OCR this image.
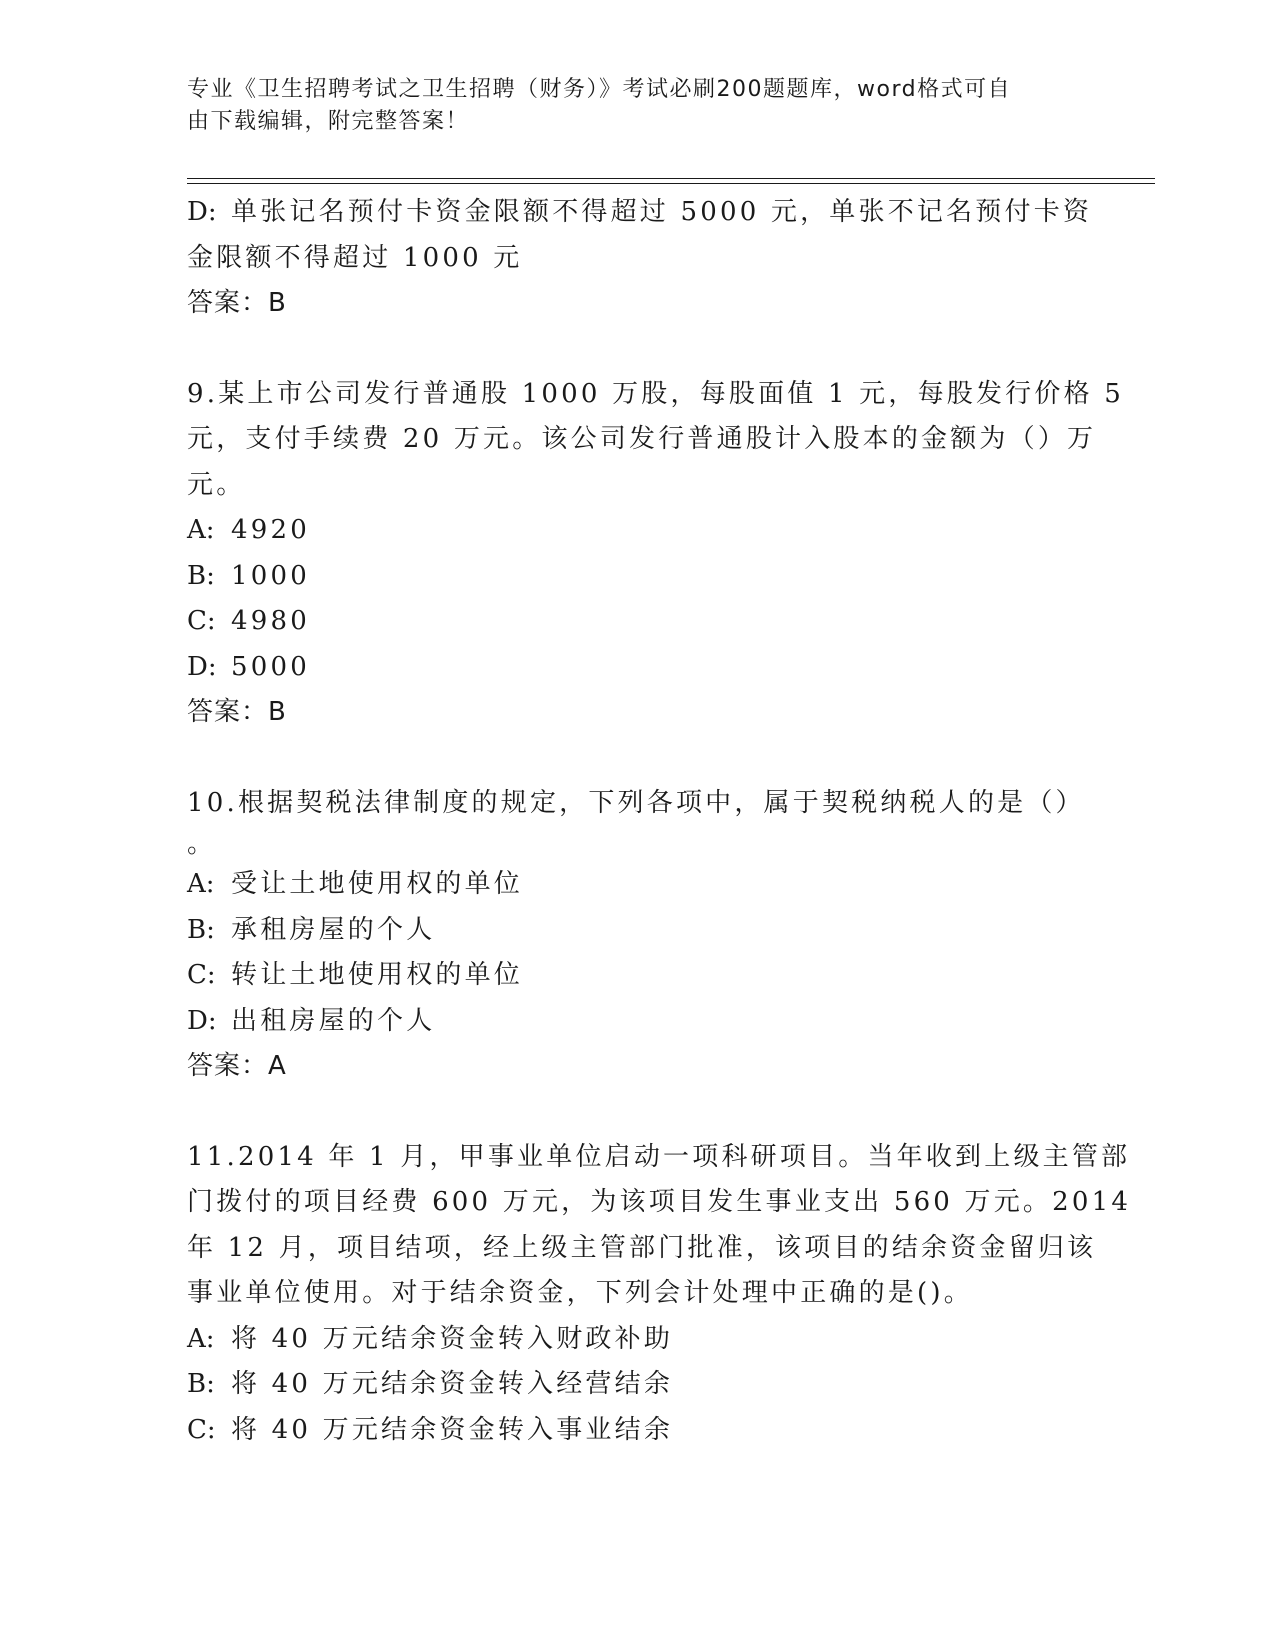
专业《卫生招聘考试之卫生招聘（财务）》考试必刷200题题库，word格式可自
由下载编辑，附完整答案！
D: 单张记名预付卡资金限额不得超过 5000 元，单张不记名预付卡资
金限额不得超过 1000 元
答案：B
9.某上市公司发行普通股 1000 万股，每股面值 1 元，每股发行价格 5
元，支付手续费 20 万元。该公司发行普通股计入股本的金额为（）万
元。
A: 4920
B: 1000
C: 4980
D: 5000
答案：B
10.根据契税法律制度的规定，下列各项中，属于契税纳税人的是（）
。
A: 受让土地使用权的单位
B: 承租房屋的个人
C: 转让土地使用权的单位
D: 出租房屋的个人
答案：A
11.2014 年 1 月，甲事业单位启动一项科研项目。当年收到上级主管部
门拨付的项目经费 600 万元，为该项目发生事业支出 560 万元。2014
年 12 月，项目结项，经上级主管部门批准，该项目的结余资金留归该
事业单位使用。对于结余资金，下列会计处理中正确的是()。
A: 将 40 万元结余资金转入财政补助
B: 将 40 万元结余资金转入经营结余
C: 将 40 万元结余资金转入事业结余
